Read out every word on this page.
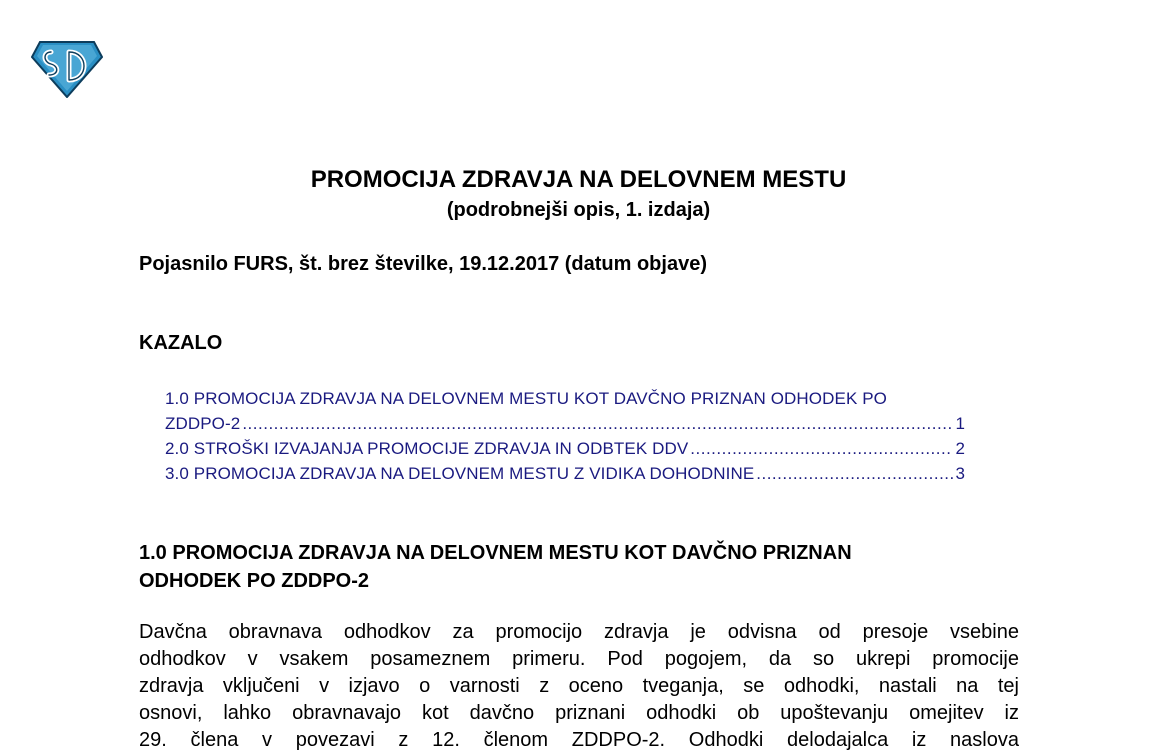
PROMOCIJA ZDRAVJA NA DELOVNEM MESTU
(podrobnejši opis, 1. izdaja)
Pojasnilo FURS, št. brez številke, 19.12.2017 (datum objave)
KAZALO
1.0 PROMOCIJA ZDRAVJA NA DELOVNEM MESTU KOT DAVČNO PRIZNAN ODHODEK PO
ZDDPO-2 .....	1
2.0 STROŠKI IZVAJANJA PROMOCIJE ZDRAVJA IN ODBTEK DDV .....	2
3.0 PROMOCIJA ZDRAVJA NA DELOVNEM MESTU Z VIDIKA DOHODNINE .....	3
1.0 PROMOCIJA ZDRAVJA NA DELOVNEM MESTU KOT DAVČNO PRIZNAN
ODHODEK PO ZDDPO-2
Davčna obravnava odhodkov za promocijo zdravja je odvisna od presoje vsebine
odhodkov v vsakem posameznem primeru. Pod pogojem, da so ukrepi promocije
zdravja vključeni v izjavo o varnosti z oceno tveganja, se odhodki, nastali na tej
osnovi, lahko obravnavajo kot davčno priznani odhodki ob upoštevanju omejitev iz
29. člena v povezavi z 12. členom ZDDPO-2. Odhodki delodajalca iz naslova
